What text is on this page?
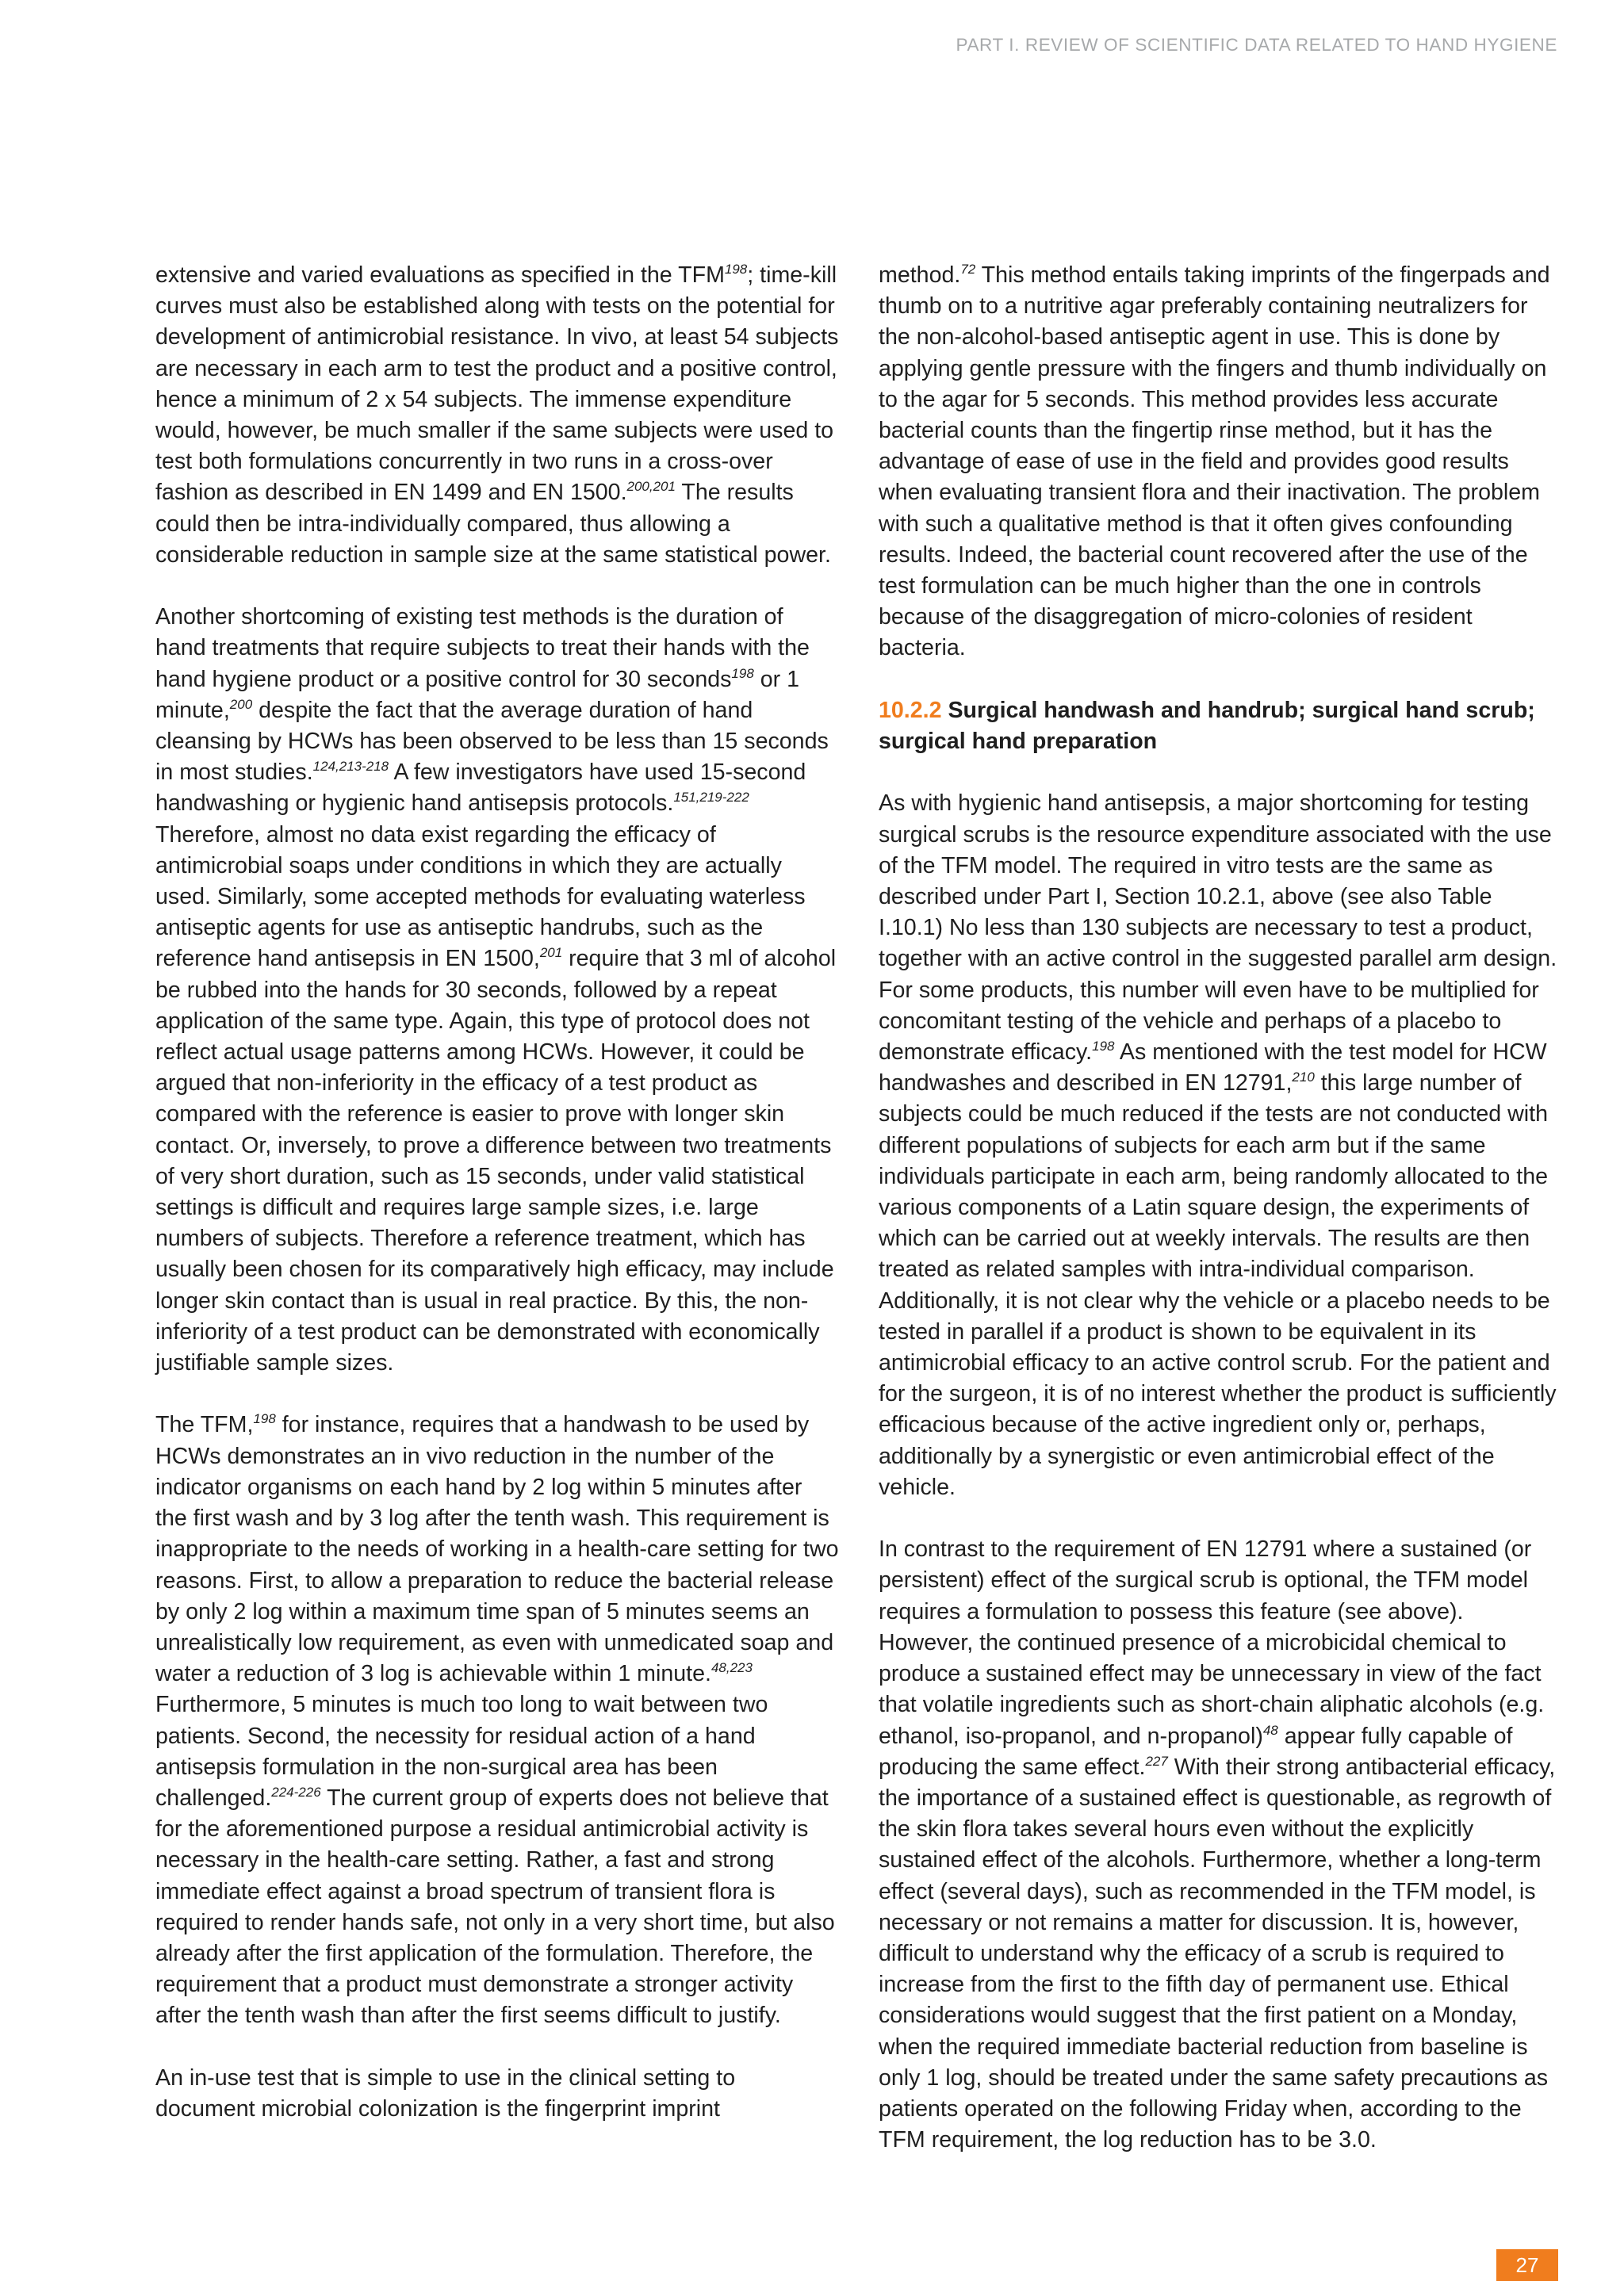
PART I. REVIEW OF SCIENTIFIC DATA RELATED TO HAND HYGIENE

extensive and varied evaluations as specified in the TFM$^{198}$; time-kill curves must also be established along with tests on the potential for development of antimicrobial resistance. In vivo, at least 54 subjects are necessary in each arm to test the product and a positive control, hence a minimum of 2 x 54 subjects. The immense expenditure would, however, be much smaller if the same subjects were used to test both formulations concurrently in two runs in a cross-over fashion as described in EN 1499 and EN 1500.$^{200,201}$ The results could then be intra-individually compared, thus allowing a considerable reduction in sample size at the same statistical power.

Another shortcoming of existing test methods is the duration of hand treatments that require subjects to treat their hands with the hand hygiene product or a positive control for 30 seconds$^{198}$ or 1 minute,$^{200}$ despite the fact that the average duration of hand cleansing by HCWs has been observed to be less than 15 seconds in most studies.$^{124,213-218}$ A few investigators have used 15-second handwashing or hygienic hand antisepsis protocols.$^{151,219-222}$ Therefore, almost no data exist regarding the efficacy of antimicrobial soaps under conditions in which they are actually used. Similarly, some accepted methods for evaluating waterless antiseptic agents for use as antiseptic handrubs, such as the reference hand antisepsis in EN 1500,$^{201}$ require that 3 ml of alcohol be rubbed into the hands for 30 seconds, followed by a repeat application of the same type. Again, this type of protocol does not reflect actual usage patterns among HCWs. However, it could be argued that non-inferiority in the efficacy of a test product as compared with the reference is easier to prove with longer skin contact. Or, inversely, to prove a difference between two treatments of very short duration, such as 15 seconds, under valid statistical settings is difficult and requires large sample sizes, i.e. large numbers of subjects. Therefore a reference treatment, which has usually been chosen for its comparatively high efficacy, may include longer skin contact than is usual in real practice. By this, the non-inferiority of a test product can be demonstrated with economically justifiable sample sizes.

The TFM,$^{198}$ for instance, requires that a handwash to be used by HCWs demonstrates an in vivo reduction in the number of the indicator organisms on each hand by 2 log within 5 minutes after the first wash and by 3 log after the tenth wash. This requirement is inappropriate to the needs of working in a health-care setting for two reasons. First, to allow a preparation to reduce the bacterial release by only 2 log within a maximum time span of 5 minutes seems an unrealistically low requirement, as even with unmedicated soap and water a reduction of 3 log is achievable within 1 minute.$^{48,223}$ Furthermore, 5 minutes is much too long to wait between two patients. Second, the necessity for residual action of a hand antisepsis formulation in the non-surgical area has been challenged.$^{224-226}$ The current group of experts does not believe that for the aforementioned purpose a residual antimicrobial activity is necessary in the health-care setting. Rather, a fast and strong immediate effect against a broad spectrum of transient flora is required to render hands safe, not only in a very short time, but also already after the first application of the formulation. Therefore, the requirement that a product must demonstrate a stronger activity after the tenth wash than after the first seems difficult to justify.

An in-use test that is simple to use in the clinical setting to document microbial colonization is the fingerprint imprint

method.$^{72}$ This method entails taking imprints of the fingerpads and thumb on to a nutritive agar preferably containing neutralizers for the non-alcohol-based antiseptic agent in use. This is done by applying gentle pressure with the fingers and thumb individually on to the agar for 5 seconds. This method provides less accurate bacterial counts than the fingertip rinse method, but it has the advantage of ease of use in the field and provides good results when evaluating transient flora and their inactivation. The problem with such a qualitative method is that it often gives confounding results. Indeed, the bacterial count recovered after the use of the test formulation can be much higher than the one in controls because of the disaggregation of micro-colonies of resident bacteria.

10.2.2 Surgical handwash and handrub; surgical hand scrub; surgical hand preparation

As with hygienic hand antisepsis, a major shortcoming for testing surgical scrubs is the resource expenditure associated with the use of the TFM model. The required in vitro tests are the same as described under Part I, Section 10.2.1, above (see also Table I.10.1) No less than 130 subjects are necessary to test a product, together with an active control in the suggested parallel arm design. For some products, this number will even have to be multiplied for concomitant testing of the vehicle and perhaps of a placebo to demonstrate efficacy.$^{198}$ As mentioned with the test model for HCW handwashes and described in EN 12791,$^{210}$ this large number of subjects could be much reduced if the tests are not conducted with different populations of subjects for each arm but if the same individuals participate in each arm, being randomly allocated to the various components of a Latin square design, the experiments of which can be carried out at weekly intervals. The results are then treated as related samples with intra-individual comparison. Additionally, it is not clear why the vehicle or a placebo needs to be tested in parallel if a product is shown to be equivalent in its antimicrobial efficacy to an active control scrub. For the patient and for the surgeon, it is of no interest whether the product is sufficiently efficacious because of the active ingredient only or, perhaps, additionally by a synergistic or even antimicrobial effect of the vehicle.

In contrast to the requirement of EN 12791 where a sustained (or persistent) effect of the surgical scrub is optional, the TFM model requires a formulation to possess this feature (see above). However, the continued presence of a microbicidal chemical to produce a sustained effect may be unnecessary in view of the fact that volatile ingredients such as short-chain aliphatic alcohols (e.g. ethanol, iso-propanol, and n-propanol)$^{48}$ appear fully capable of producing the same effect.$^{227}$ With their strong antibacterial efficacy, the importance of a sustained effect is questionable, as regrowth of the skin flora takes several hours even without the explicitly sustained effect of the alcohols. Furthermore, whether a long-term effect (several days), such as recommended in the TFM model, is necessary or not remains a matter for discussion. It is, however, difficult to understand why the efficacy of a scrub is required to increase from the first to the fifth day of permanent use. Ethical considerations would suggest that the first patient on a Monday, when the required immediate bacterial reduction from baseline is only 1 log, should be treated under the same safety precautions as patients operated on the following Friday when, according to the TFM requirement, the log reduction has to be 3.0.

27
